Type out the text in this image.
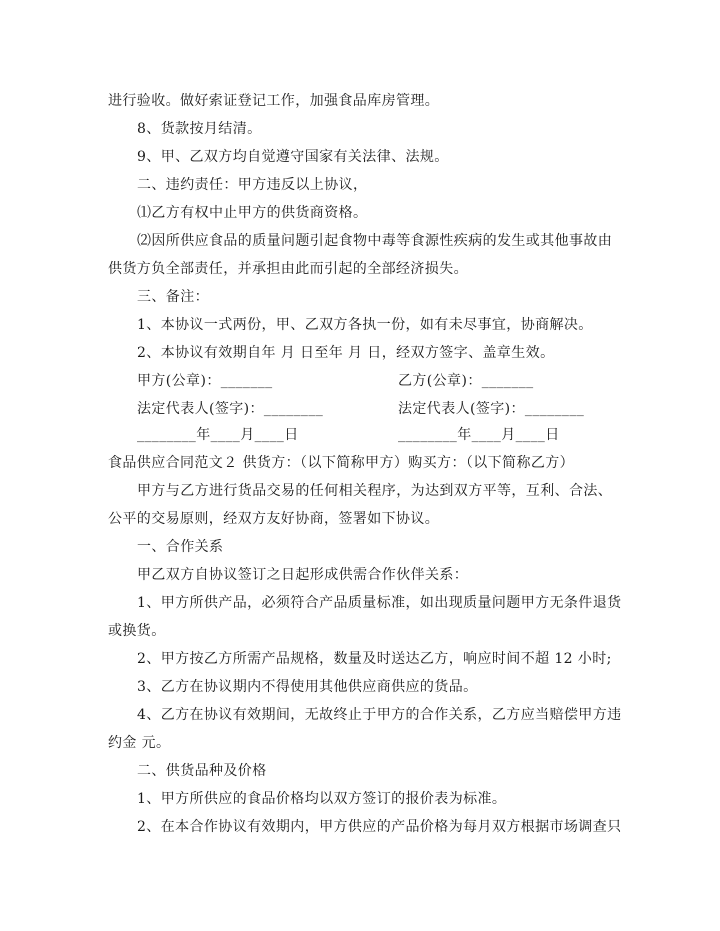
进行验收。做好索证登记工作，加强食品库房管理。
8、货款按月结清。
9、甲、乙双方均自觉遵守国家有关法律、法规。
二、违约责任：甲方违反以上协议，
⑴乙方有权中止甲方的供货商资格。
⑵因所供应食品的质量问题引起食物中毒等食源性疾病的发生或其他事故由
供货方负全部责任，并承担由此而引起的全部经济损失。
三、备注：
1、本协议一式两份，甲、乙双方各执一份，如有未尽事宜，协商解决。
2、本协议有效期自年 月 日至年 月 日，经双方签字、盖章生效。
甲方(公章)：_______	乙方(公章)：_______
法定代表人(签字)：________	法定代表人(签字)：________
________年____月____日	________年____月____日
食品供应合同范文２ 供货方：（以下简称甲方）购买方：（以下简称乙方）
甲方与乙方进行货品交易的任何相关程序，为达到双方平等，互利、合法、
公平的交易原则，经双方友好协商，签署如下协议。
一、合作关系
甲乙双方自协议签订之日起形成供需合作伙伴关系：
1、甲方所供产品，必须符合产品质量标准，如出现质量问题甲方无条件退货
或换货。
2、甲方按乙方所需产品规格，数量及时送达乙方，响应时间不超 12 小时;
3、乙方在协议期内不得使用其他供应商供应的货品。
4、乙方在协议有效期间，无故终止于甲方的合作关系，乙方应当赔偿甲方违
约金 元。
二、供货品种及价格
1、甲方所供应的食品价格均以双方签订的报价表为标准。
2、在本合作协议有效期内，甲方供应的产品价格为每月双方根据市场调查只
